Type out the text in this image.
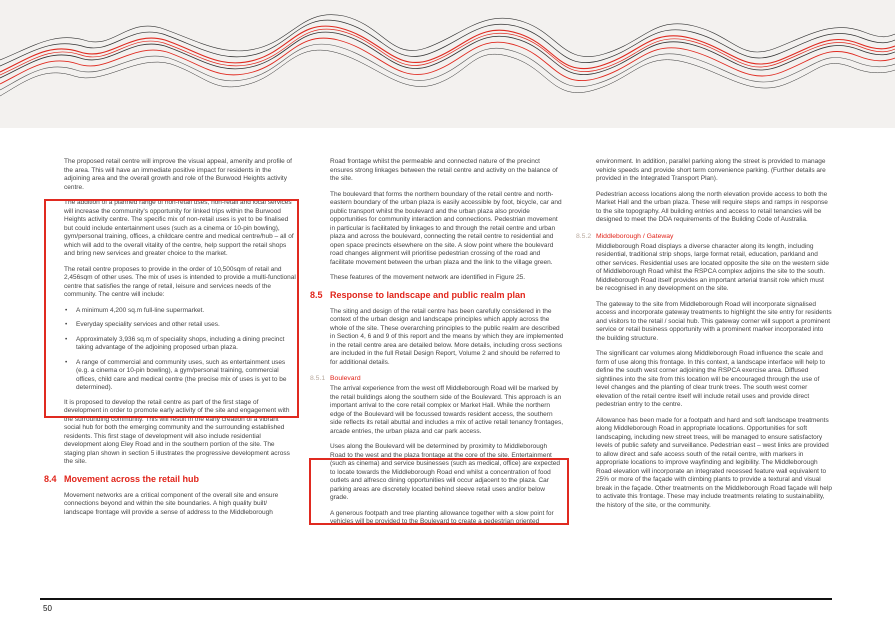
The proposed retail centre will improve the visual appeal, amenity and profile of the area. This will have an immediate positive impact for residents in the adjoining area and the overall growth and role of the Burwood Heights activity centre.

The addition of a planned range of non-retail uses, non-retail and local services will increase the community's opportunity for linked trips within the Burwood Heights activity centre. The specific mix of non-retail uses is yet to be finalised but could include entertainment uses (such as a cinema or 10-pin bowling), gym/personal training, offices, a childcare centre and medical centre/hub – all of which will add to the overall vitality of the centre, help support the retail shops and bring new services and greater choice to the market.

The retail centre proposes to provide in the order of 10,500sqm of retail and 2,456sqm of other uses. The mix of uses is intended to provide a multi-functional centre that satisfies the range of retail, leisure and services needs of the community. The centre will include:

• A minimum 4,200 sq.m full-line supermarket.
• Everyday speciality services and other retail uses.
• Approximately 3,936 sq.m of speciality shops, including a dining precinct taking advantage of the adjoining proposed urban plaza.
• A range of commercial and community uses, such as entertainment uses (e.g. a cinema or 10-pin bowling), a gym/personal training, commercial offices, child care and medical centre (the precise mix of uses is yet to be determined).

It is proposed to develop the retail centre as part of the first stage of development in order to promote early activity of the site and engagement with the surrounding community. This will result in the early creation of a vibrant social hub for both the emerging community and the surrounding established residents. This first stage of development will also include residential development along Eley Road and in the southern portion of the site. The staging plan shown in section 5 illustrates the progressive development across the site.

8.4 Movement across the retail hub

Movement networks are a critical component of the overall site and ensure connections beyond and within the site boundaries. A high quality built/ landscape frontage will provide a sense of address to the Middleborough

Road frontage whilst the permeable and connected nature of the precinct ensures strong linkages between the retail centre and activity on the balance of the site.

The boulevard that forms the northern boundary of the retail centre and north-eastern boundary of the urban plaza is easily accessible by foot, bicycle, car and public transport whilst the boulevard and the urban plaza also provide opportunities for community interaction and connections. Pedestrian movement in particular is facilitated by linkages to and through the retail centre and urban plaza and across the boulevard, connecting the retail centre to residential and open space precincts elsewhere on the site. A slow point where the boulevard road changes alignment will prioritise pedestrian crossing of the road and facilitate movement between the urban plaza and the link to the village green.

These features of the movement network are identified in Figure 25.

8.5 Response to landscape and public realm plan

The siting and design of the retail centre has been carefully considered in the context of the urban design and landscape principles which apply across the whole of the site. These overarching principles to the public realm are described in Section 4, 6 and 9 of this report and the means by which they are implemented in the retail centre area are detailed below. More details, including cross sections are included in the full Retail Design Report, Volume 2 and should be referred to for additional details.

8.5.1 Boulevard

The arrival experience from the west off Middleborough Road will be marked by the retail buildings along the southern side of the Boulevard. This approach is an important arrival to the core retail complex or Market Hall. While the northern edge of the Boulevard will be focussed towards resident access, the southern side reflects its retail abuttal and includes a mix of active retail tenancy frontages, arcade entries, the urban plaza and car park access.

Uses along the Boulevard will be determined by proximity to Middleborough Road to the west and the plaza frontage at the core of the site. Entertainment (such as cinema) and service businesses (such as medical, office) are expected to locate towards the Middleborough Road end whilst a concentration of food outlets and alfresco dining opportunities will occur adjacent to the plaza. Car parking areas are discretely located behind sleeve retail uses and/or below grade.

A generous footpath and tree planting allowance together with a slow point for vehicles will be provided to the Boulevard to create a pedestrian oriented

environment. In addition, parallel parking along the street is provided to manage vehicle speeds and provide short term convenience parking. (Further details are provided in the Integrated Transport Plan).

Pedestrian access locations along the north elevation provide access to both the Market Hall and the urban plaza. These will require steps and ramps in response to the site topography. All building entries and access to retail tenancies will be designed to meet the DDA requirements of the Building Code of Australia.

8.5.2 Middleborough / Gateway

Middleborough Road displays a diverse character along its length, including residential, traditional strip shops, large format retail, education, parkland and other services. Residential uses are located opposite the site on the western side of Middleborough Road whilst the RSPCA complex adjoins the site to the south. Middleborough Road itself provides an important arterial transit role which must be recognised in any development on the site.

The gateway to the site from Middleborough Road will incorporate signalised access and incorporate gateway treatments to highlight the site entry for residents and visitors to the retail / social hub. This gateway corner will support a prominent service or retail business opportunity with a prominent marker incorporated into the building structure.

The significant car volumes along Middleborough Road influence the scale and form of use along this frontage. In this context, a landscape interface will help to define the south west corner adjoining the RSPCA exercise area. Diffused sightlines into the site from this location will be encouraged through the use of level changes and the planting of clear trunk trees. The south west corner elevation of the retail centre itself will include retail uses and provide direct pedestrian entry to the centre.

Allowance has been made for a footpath and hard and soft landscape treatments along Middleborough Road in appropriate locations. Opportunities for soft landscaping, including new street trees, will be managed to ensure satisfactory levels of public safety and surveillance. Pedestrian east – west links are provided to allow direct and safe access south of the retail centre, with markers in appropriate locations to improve wayfinding and legibility. The Middleborough Road elevation will incorporate an integrated recessed feature wall equivalent to 25% or more of the façade with climbing plants to provide a textural and visual break in the façade. Other treatments on the Middleborough Road façade will help to activate this frontage. These may include treatments relating to sustainability, the history of the site, or the community.

50
